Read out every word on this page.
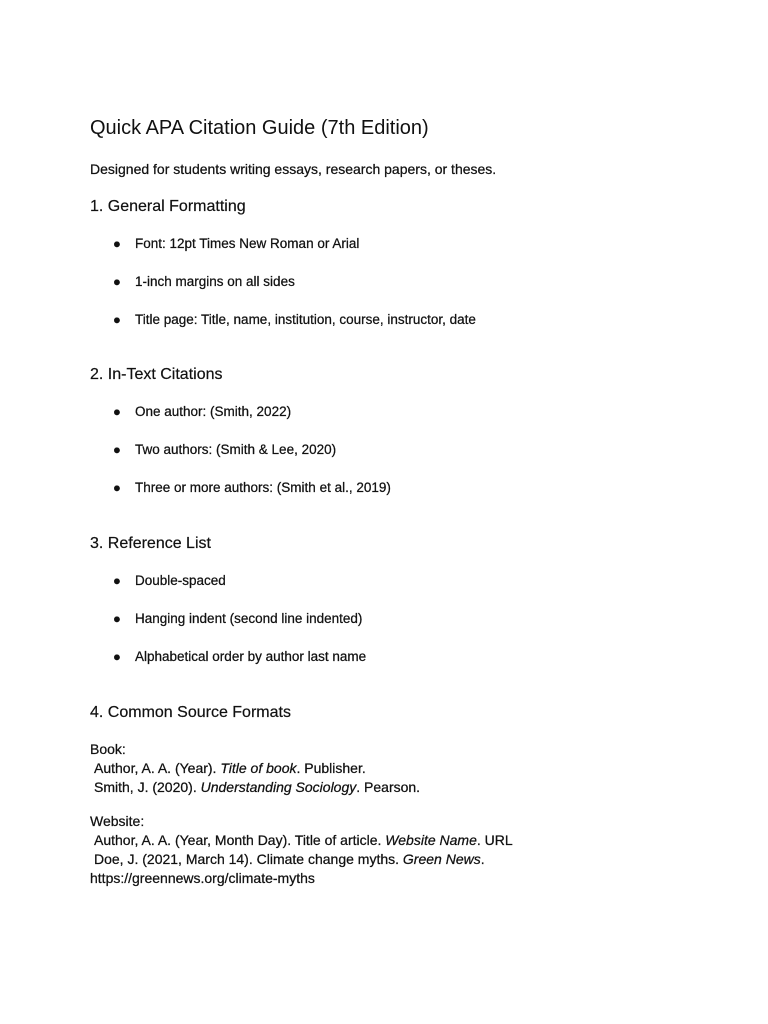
Quick APA Citation Guide (7th Edition)

Designed for students writing essays, research papers, or theses.

1. General Formatting
● Font: 12pt Times New Roman or Arial
● 1-inch margins on all sides
● Title page: Title, name, institution, course, instructor, date
2. In-Text Citations
● One author: (Smith, 2022)
● Two authors: (Smith & Lee, 2020)
● Three or more authors: (Smith et al., 2019)
3. Reference List
● Double-spaced
● Hanging indent (second line indented)
● Alphabetical order by author last name
4. Common Source Formats
Book:
Author, A. A. (Year). Title of book. Publisher.
Smith, J. (2020). Understanding Sociology. Pearson.
Website:
Author, A. A. (Year, Month Day). Title of article. Website Name. URL
Doe, J. (2021, March 14). Climate change myths. Green News.
https://greennews.org/climate-myths
